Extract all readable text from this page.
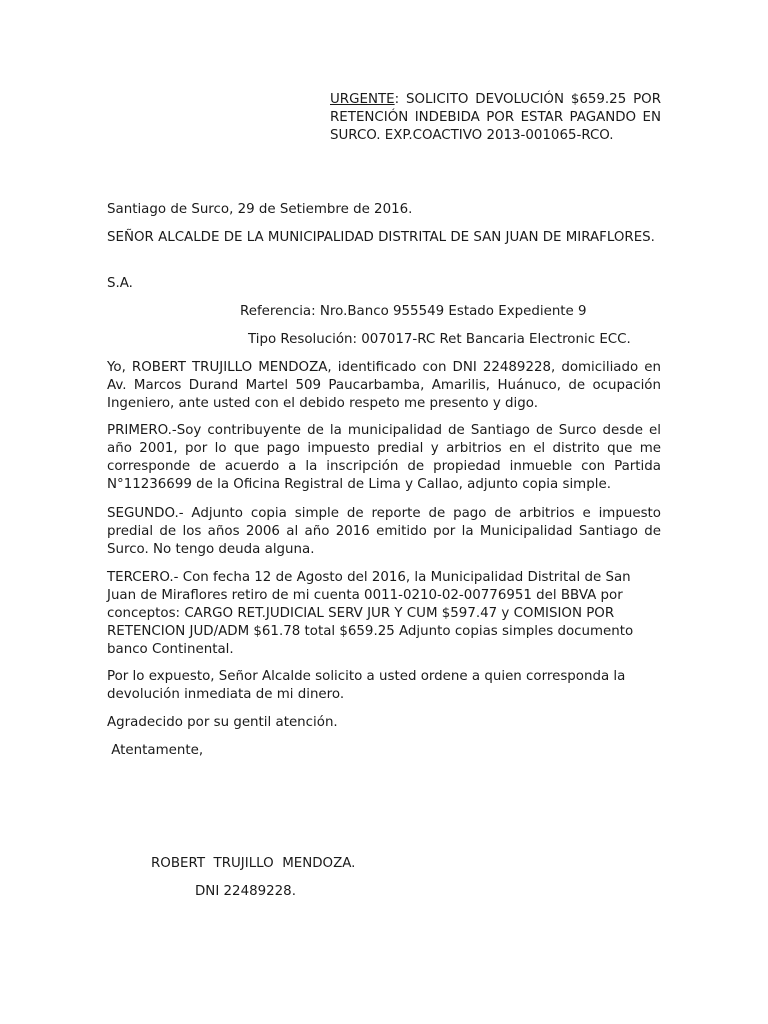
URGENTE: SOLICITO DEVOLUCIÓN $659.25 POR RETENCIÓN INDEBIDA POR ESTAR PAGANDO EN SURCO. EXP.COACTIVO 2013-001065-RCO.

Santiago de Surco, 29 de Setiembre de 2016.

SEÑOR ALCALDE DE LA MUNICIPALIDAD DISTRITAL DE SAN JUAN DE MIRAFLORES.

S.A.

Referencia: Nro.Banco 955549 Estado Expediente 9

Tipo Resolución: 007017-RC Ret Bancaria Electronic ECC.

Yo, ROBERT TRUJILLO MENDOZA, identificado con DNI 22489228, domiciliado en Av. Marcos Durand Martel 509 Paucarbamba, Amarilis, Huánuco, de ocupación Ingeniero, ante usted con el debido respeto me presento y digo.

PRIMERO.-Soy contribuyente de la municipalidad de Santiago de Surco desde el año 2001, por lo que pago impuesto predial y arbitrios en el distrito que me corresponde de acuerdo a la inscripción de propiedad inmueble con Partida N°11236699 de la Oficina Registral de Lima y Callao, adjunto copia simple.

SEGUNDO.- Adjunto copia simple de reporte de pago de arbitrios e impuesto predial de los años 2006 al año 2016 emitido por la Municipalidad Santiago de Surco. No tengo deuda alguna.

TERCERO.- Con fecha 12 de Agosto del 2016, la Municipalidad Distrital de San
Juan de Miraflores retiro de mi cuenta 0011-0210-02-00776951 del BBVA por
conceptos: CARGO RET.JUDICIAL SERV JUR Y CUM $597.47 y COMISION POR
RETENCION JUD/ADM $61.78 total $659.25 Adjunto copias simples documento
banco Continental.
Por lo expuesto, Señor Alcalde solicito a usted ordene a quien corresponda la
devolución inmediata de mi dinero.

Agradecido por su gentil atención.

Atentamente,

ROBERT  TRUJILLO  MENDOZA.

DNI 22489228.
